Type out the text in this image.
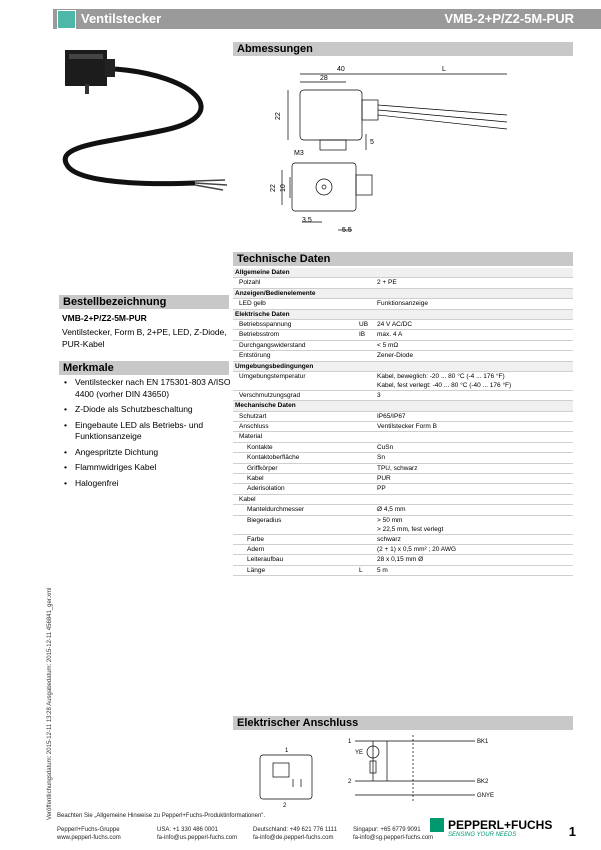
Ventilstecker	VMB-2+P/Z2-5M-PUR
Abmessungen
40
28
L
22
5
M3
22 10
3.5
5.5
Technische Daten
Allgemeine Daten		
Polzahl		2 + PE

Anzeigen/Bedienelemente		
LED gelb		Funktionsanzeige

Elektrische Daten		
Betriebsspannung	UB	24 V AC/DC

Betriebsstrom	IB	max. 4 A

Durchgangswiderstand		< 5 mΩ

Entstörung		Zener-Diode

Umgebungsbedingungen		
Umgebungstemperatur		Kabel, beweglich: -20 ... 80 °C (-4 ... 176 °F)
Kabel, fest verlegt: -40 ... 80 °C (-40 ... 176 °F)

Verschmutzungsgrad		3

Mechanische Daten		
Schutzart		IP65/IP67

Anschluss		Ventilstecker Form B

Material		

Kontakte		CuSn

Kontaktoberfläche		Sn

Griffkörper		TPU, schwarz

Kabel		PUR

Aderisolation		PP

Kabel		

Manteldurchmesser		Ø 4,5 mm

Biegeradius		> 50 mm
> 22,5 mm, fest verlegt

Farbe		schwarz

Adern		(2 + 1) x 0,5 mm² ; 20 AWG

Leiteraufbau		28 x 0,15 mm Ø

Länge	L	5 m
Bestellbezeichnung
VMB-2+P/Z2-5M-PUR
Ventilstecker, Form B, 2+PE, LED, Z-Diode, PUR-Kabel
Merkmale
• Ventilstecker nach EN 175301-803 A/ISO 4400 (vorher DIN 43650)
• Z-Diode als Schutzbeschaltung
• Eingebaute LED als Betriebs- und Funktionsanzeige
• Angespritzte Dichtung
• Flammwidriges Kabel
• Halogenfrei
Veröffentlichungsdatum: 2015-12-11 13:28 Ausgabedatum: 2015-12-11 456841_ger.xml	Elektrischer Anschluss
1
2
1
2
YE
BK1
BK2
GNYE
Beachten Sie „Allgemeine Hinweise zu Pepperl+Fuchs-Produktinformationen".
Pepperl+Fuchs-Gruppe
www.pepperl-fuchs.com
USA: +1 330 486 0001
fa-info@us.pepperl-fuchs.com
Deutschland: +49 621 776 1111
fa-info@de.pepperl-fuchs.com
Singapur: +65 6779 9091
fa-info@sg.pepperl-fuchs.com
PEPPERL+FUCHS
SENSING YOUR NEEDS	1
